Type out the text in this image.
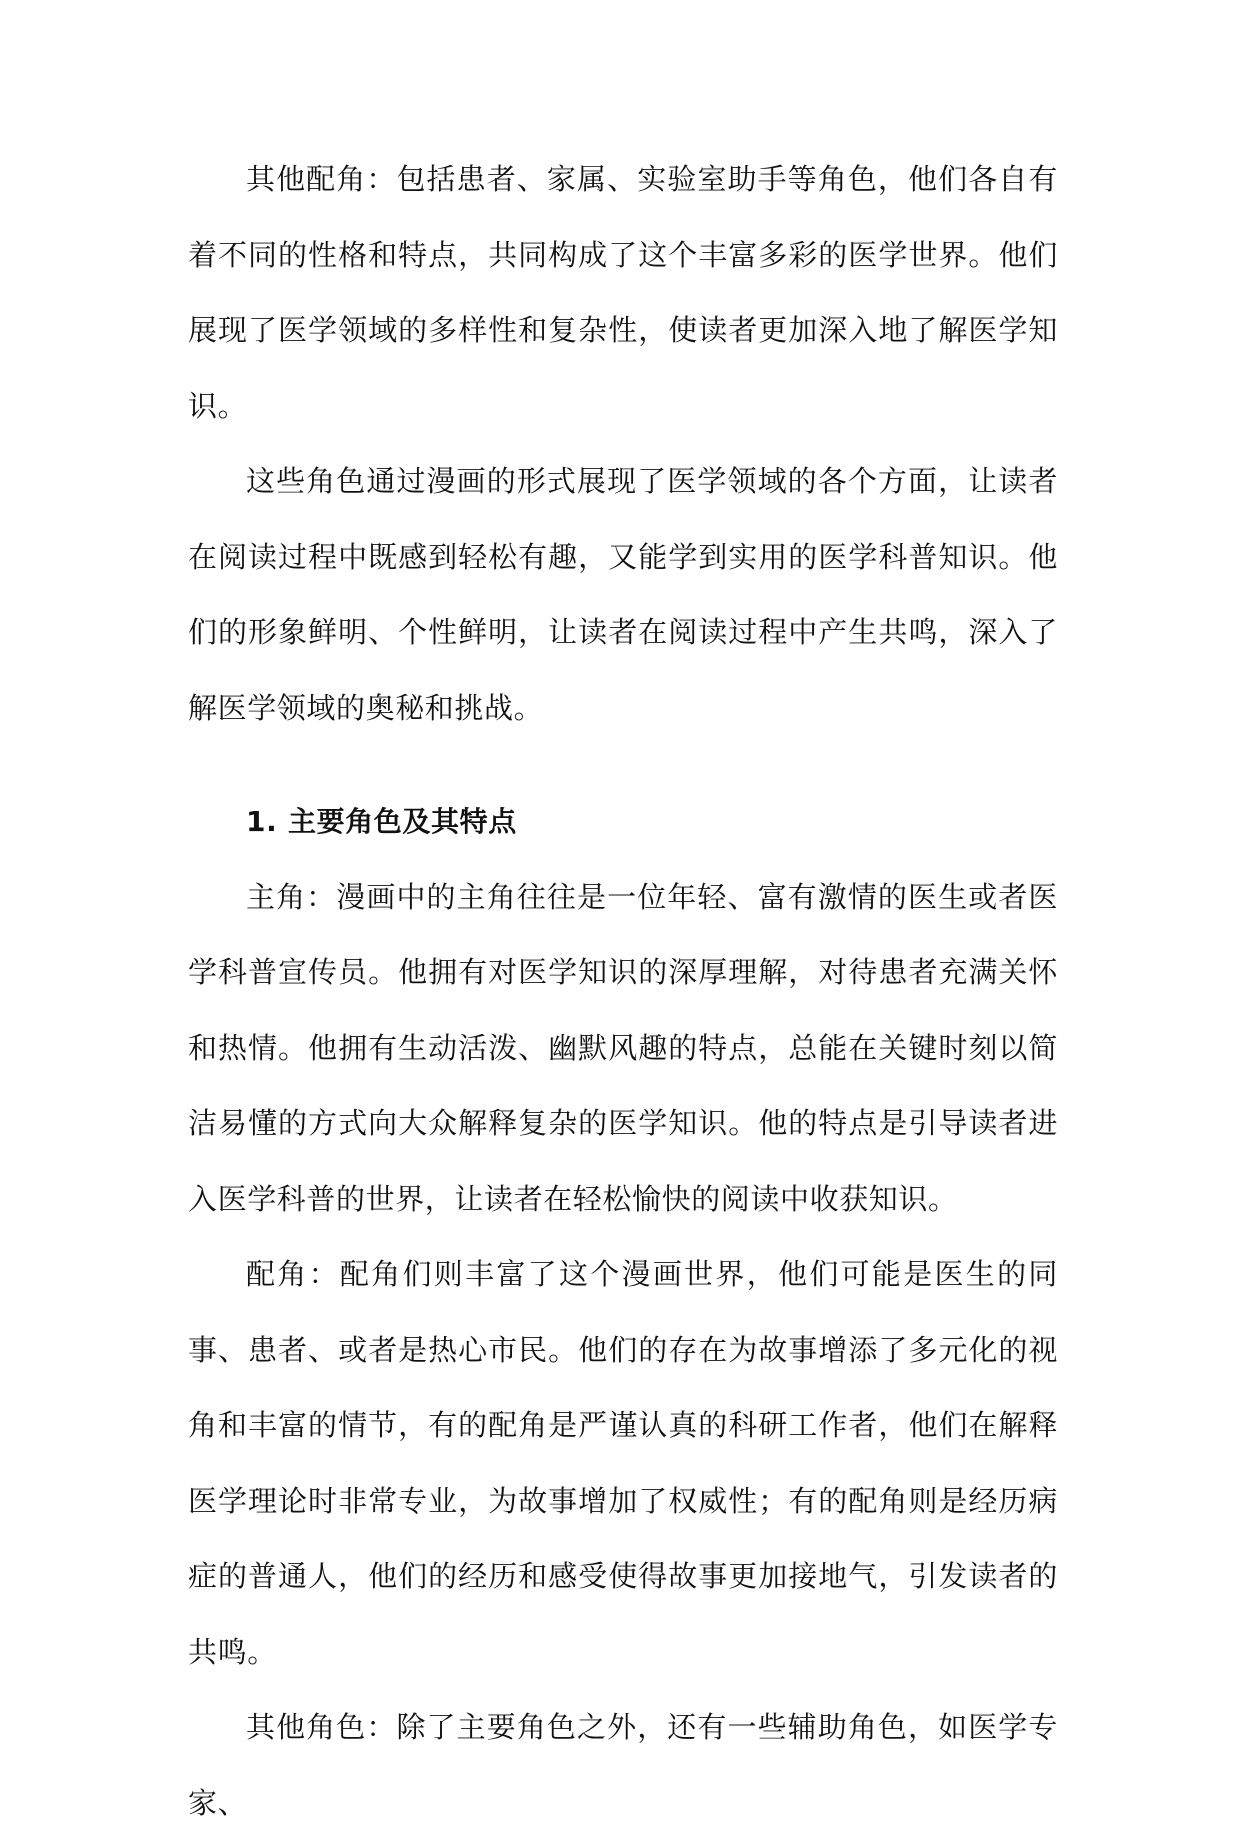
其他配角：包括患者、家属、实验室助手等角色，他们各自有着不同的性格和特点，共同构成了这个丰富多彩的医学世界。他们展现了医学领域的多样性和复杂性，使读者更加深入地了解医学知识。

这些角色通过漫画的形式展现了医学领域的各个方面，让读者在阅读过程中既感到轻松有趣，又能学到实用的医学科普知识。他们的形象鲜明、个性鲜明，让读者在阅读过程中产生共鸣，深入了解医学领域的奥秘和挑战。

1. 主要角色及其特点

主角：漫画中的主角往往是一位年轻、富有激情的医生或者医学科普宣传员。他拥有对医学知识的深厚理解，对待患者充满关怀和热情。他拥有生动活泼、幽默风趣的特点，总能在关键时刻以简洁易懂的方式向大众解释复杂的医学知识。他的特点是引导读者进入医学科普的世界，让读者在轻松愉快的阅读中收获知识。

配角：配角们则丰富了这个漫画世界，他们可能是医生的同事、患者、或者是热心市民。他们的存在为故事增添了多元化的视角和丰富的情节，有的配角是严谨认真的科研工作者，他们在解释医学理论时非常专业，为故事增加了权威性；有的配角则是经历病症的普通人，他们的经历和感受使得故事更加接地气，引发读者的共鸣。

其他角色：除了主要角色之外，还有一些辅助角色，如医学专家、
